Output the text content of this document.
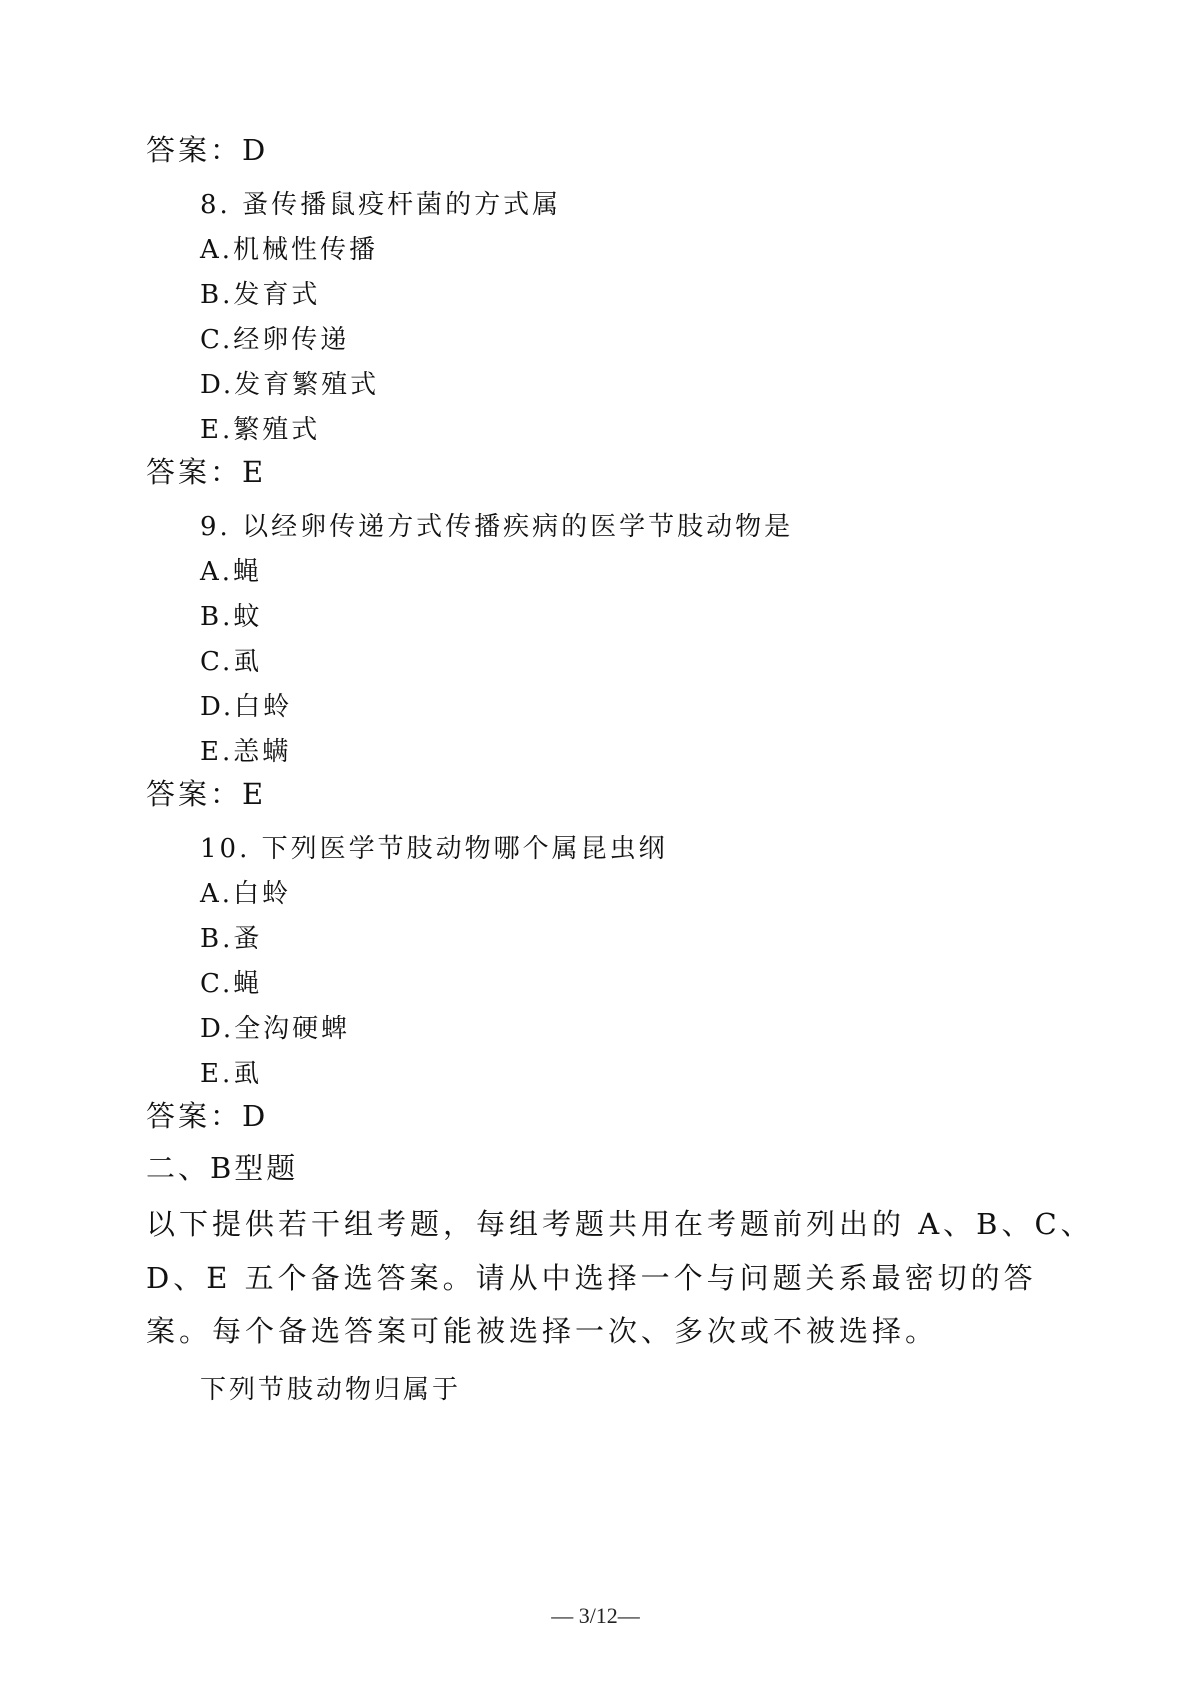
答案：D
8. 蚤传播鼠疫杆菌的方式属
A.机械性传播
B.发育式
C.经卵传递
D.发育繁殖式
E.繁殖式
答案：E
9. 以经卵传递方式传播疾病的医学节肢动物是
A.蝇
B.蚊
C.虱
D.白蛉
E.恙螨
答案：E
10. 下列医学节肢动物哪个属昆虫纲
A.白蛉
B.蚤
C.蝇
D.全沟硬蜱
E.虱
答案：D
二、B型题
以下提供若干组考题，每组考题共用在考题前列出的 A、B、C、
D、E 五个备选答案。请从中选择一个与问题关系最密切的答
案。每个备选答案可能被选择一次、多次或不被选择。
下列节肢动物归属于
— 3/12—
